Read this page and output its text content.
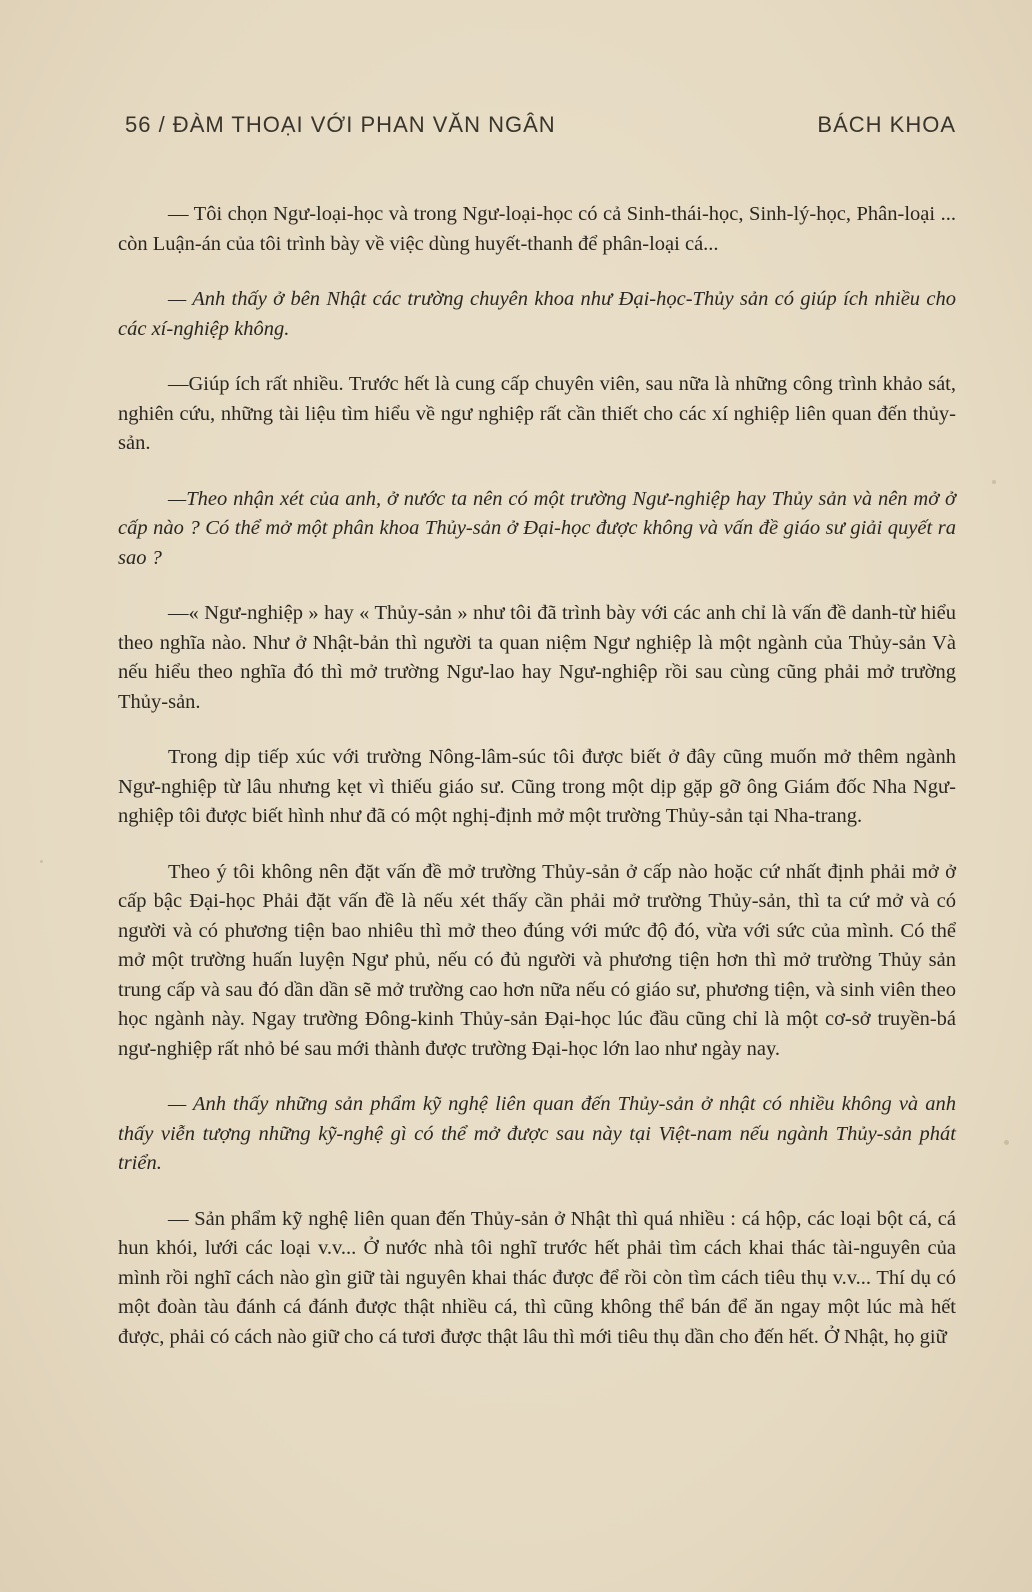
56 / ĐÀM THOẠI VỚI PHAN VĂN NGÂN	BÁCH KHOA

— Tôi chọn Ngư-loại-học và trong Ngư-loại-học có cả Sinh-thái-học, Sinh-lý-học, Phân-loại ... còn Luận-án của tôi trình bày về việc dùng huyết-thanh để phân-loại cá...

— Anh thấy ở bên Nhật các trường chuyên khoa như Đại-học-Thủy sản có giúp ích nhiều cho các xí-nghiệp không.

—Giúp ích rất nhiều. Trước hết là cung cấp chuyên viên, sau nữa là những công trình khảo sát, nghiên cứu, những tài liệu tìm hiểu về ngư nghiệp rất cần thiết cho các xí nghiệp liên quan đến thủy-sản.

—Theo nhận xét của anh, ở nước ta nên có một trường Ngư-nghiệp hay Thủy sản và nên mở ở cấp nào ? Có thể mở một phân khoa Thủy-sản ở Đại-học được không và vấn đề giáo sư giải quyết ra sao ?

—« Ngư-nghiệp » hay « Thủy-sản » như tôi đã trình bày với các anh chỉ là vấn đề danh-từ hiểu theo nghĩa nào. Như ở Nhật-bản thì người ta quan niệm Ngư nghiệp là một ngành của Thủy-sản Và nếu hiểu theo nghĩa đó thì mở trường Ngư-lao hay Ngư-nghiệp rồi sau cùng cũng phải mở trường Thủy-sản.

Trong dịp tiếp xúc với trường Nông-lâm-súc tôi được biết ở đây cũng muốn mở thêm ngành Ngư-nghiệp từ lâu nhưng kẹt vì thiếu giáo sư. Cũng trong một dịp gặp gỡ ông Giám đốc Nha Ngư-nghiệp tôi được biết hình như đã có một nghị-định mở một trường Thủy-sản tại Nha-trang.

Theo ý tôi không nên đặt vấn đề mở trường Thủy-sản ở cấp nào hoặc cứ nhất định phải mở ở cấp bậc Đại-học Phải đặt vấn đề là nếu xét thấy cần phải mở trường Thủy-sản, thì ta cứ mở và có người và có phương tiện bao nhiêu thì mở theo đúng với mức độ đó, vừa với sức của mình. Có thể mở một trường huấn luyện Ngư phủ, nếu có đủ người và phương tiện hơn thì mở trường Thủy sản trung cấp và sau đó dần dần sẽ mở trường cao hơn nữa nếu có giáo sư, phương tiện, và sinh viên theo học ngành này. Ngay trường Đông-kinh Thủy-sản Đại-học lúc đầu cũng chỉ là một cơ-sở truyền-bá ngư-nghiệp rất nhỏ bé sau mới thành được trường Đại-học lớn lao như ngày nay.

— Anh thấy những sản phẩm kỹ nghệ liên quan đến Thủy-sản ở nhật có nhiều không và anh thấy viễn tượng những kỹ-nghệ gì có thể mở được sau này tại Việt-nam nếu ngành Thủy-sản phát triển.

— Sản phẩm kỹ nghệ liên quan đến Thủy-sản ở Nhật thì quá nhiều : cá hộp, các loại bột cá, cá hun khói, lưới các loại v.v... Ở nước nhà tôi nghĩ trước hết phải tìm cách khai thác tài-nguyên của mình rồi nghĩ cách nào gìn giữ tài nguyên khai thác được để rồi còn tìm cách tiêu thụ v.v... Thí dụ có một đoàn tàu đánh cá đánh được thật nhiều cá, thì cũng không thể bán để ăn ngay một lúc mà hết được, phải có cách nào giữ cho cá tươi được thật lâu thì mới tiêu thụ dần cho đến hết. Ở Nhật, họ giữ
